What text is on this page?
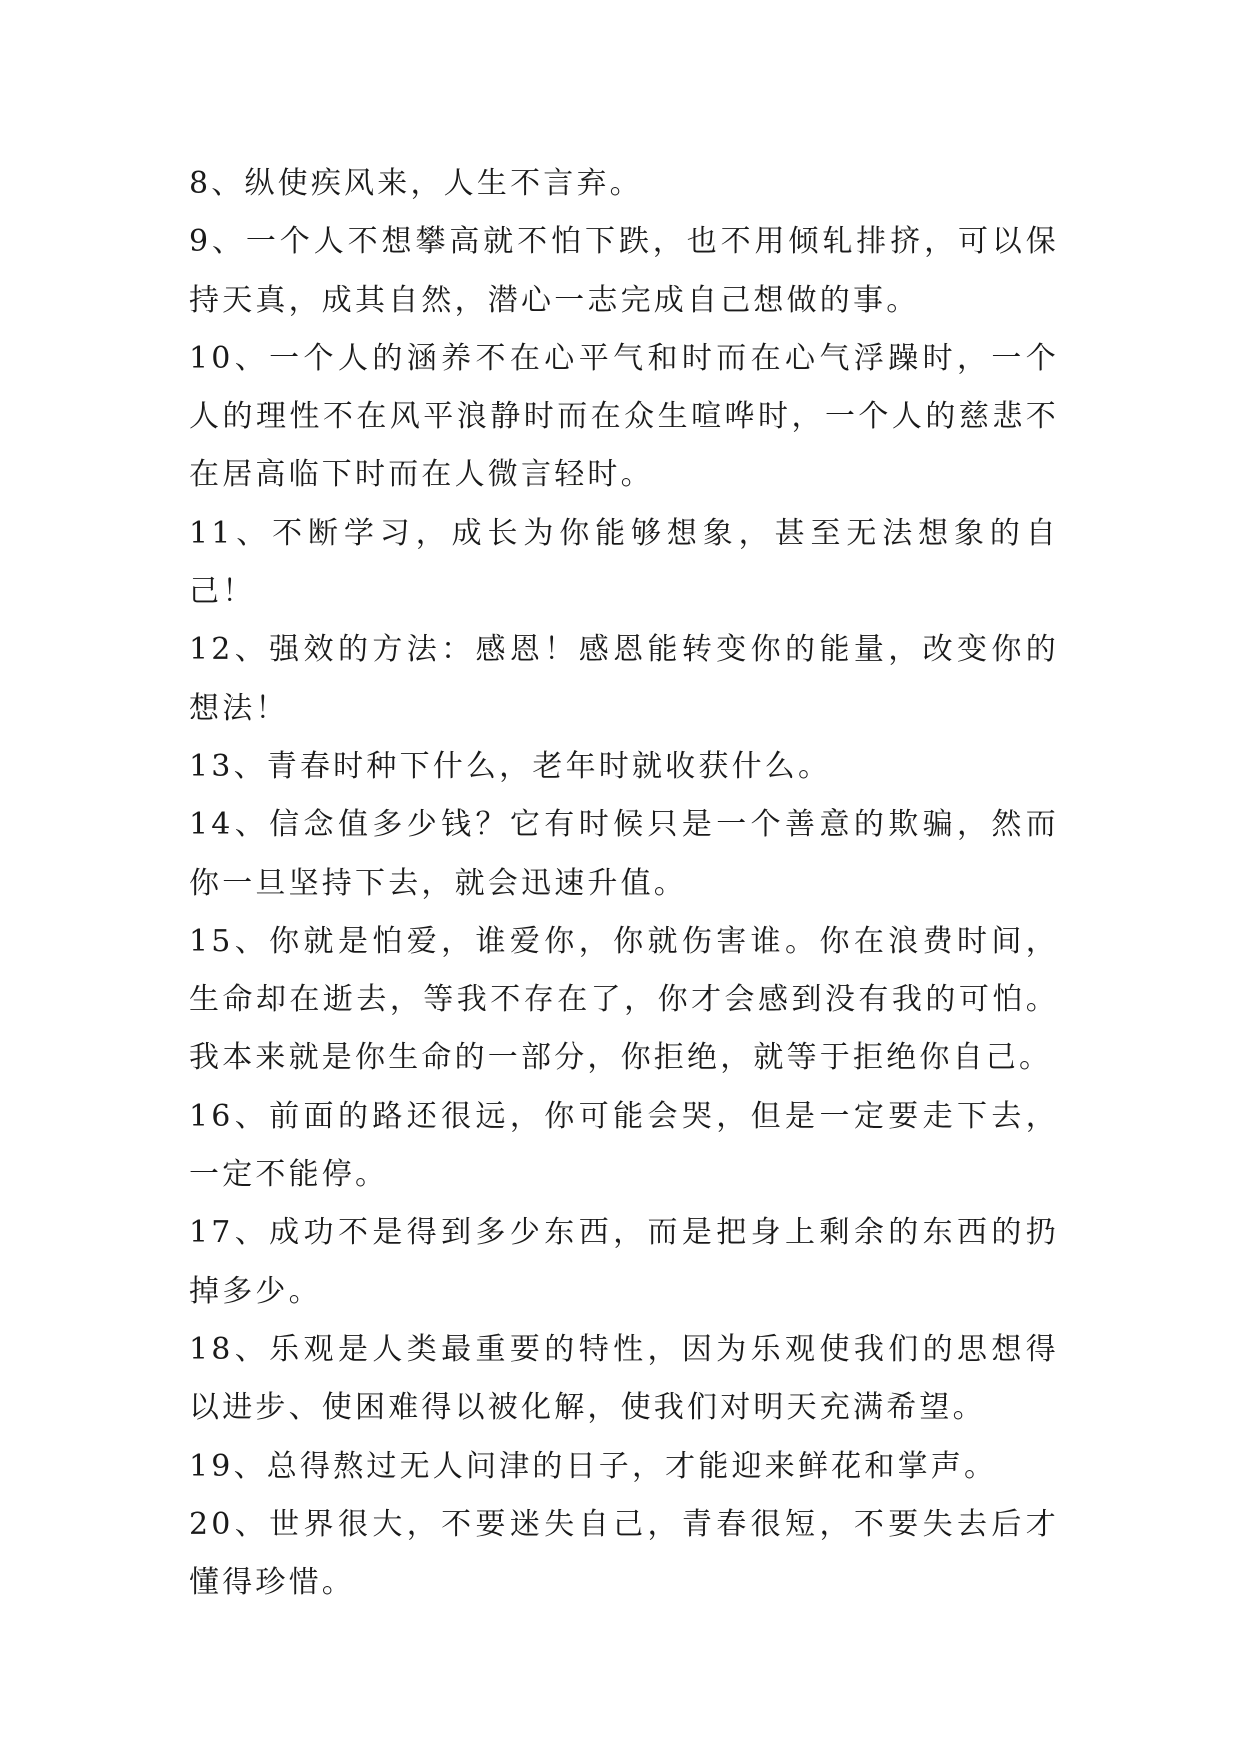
8、纵使疾风来，人生不言弃。

9、一个人不想攀高就不怕下跌，也不用倾轧排挤，可以保持天真，成其自然，潜心一志完成自己想做的事。

10、一个人的涵养不在心平气和时而在心气浮躁时，一个人的理性不在风平浪静时而在众生喧哗时，一个人的慈悲不在居高临下时而在人微言轻时。

11、不断学习，成长为你能够想象，甚至无法想象的自己！

12、强效的方法：感恩！感恩能转变你的能量，改变你的想法！

13、青春时种下什么，老年时就收获什么。

14、信念值多少钱？它有时候只是一个善意的欺骗，然而你一旦坚持下去，就会迅速升值。

15、你就是怕爱，谁爱你，你就伤害谁。你在浪费时间，生命却在逝去，等我不存在了，你才会感到没有我的可怕。我本来就是你生命的一部分，你拒绝，就等于拒绝你自己。

16、前面的路还很远，你可能会哭，但是一定要走下去，一定不能停。

17、成功不是得到多少东西，而是把身上剩余的东西的扔掉多少。

18、乐观是人类最重要的特性，因为乐观使我们的思想得以进步、使困难得以被化解，使我们对明天充满希望。

19、总得熬过无人问津的日子，才能迎来鲜花和掌声。

20、世界很大，不要迷失自己，青春很短，不要失去后才懂得珍惜。
